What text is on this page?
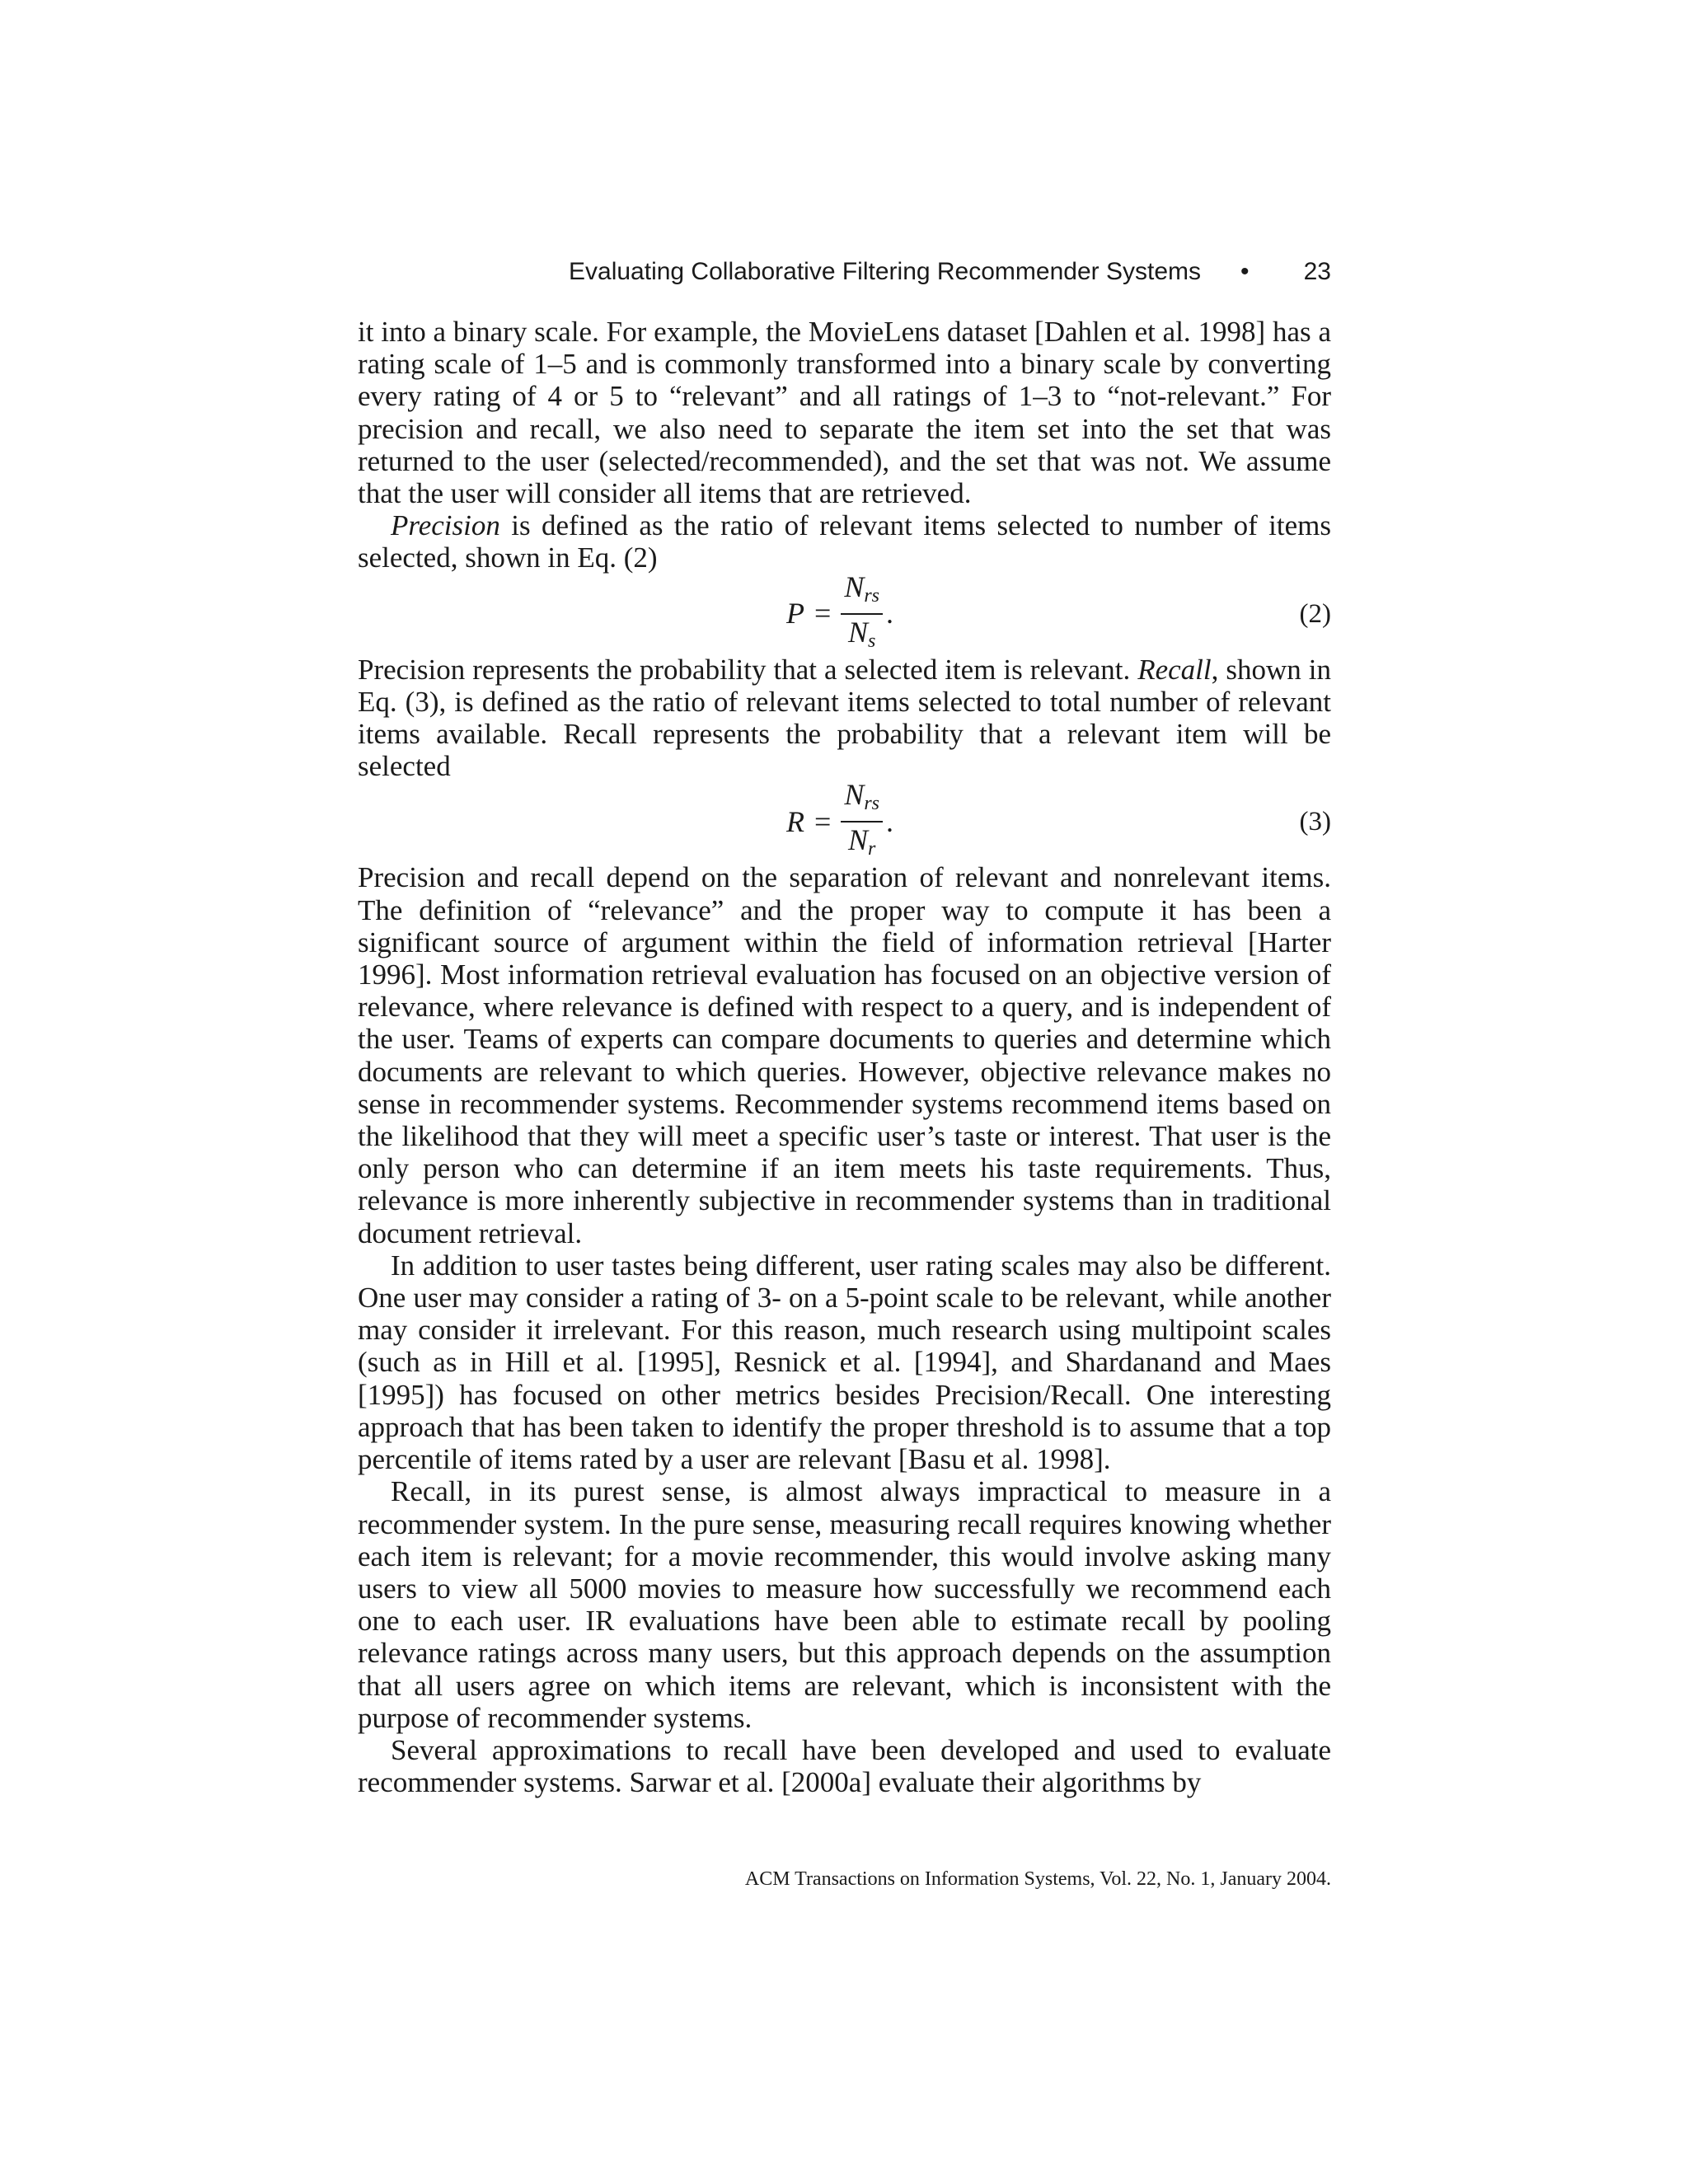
Evaluating Collaborative Filtering Recommender Systems • 23

it into a binary scale. For example, the MovieLens dataset [Dahlen et al. 1998] has a rating scale of 1–5 and is commonly transformed into a binary scale by converting every rating of 4 or 5 to “relevant” and all ratings of 1–3 to “not-relevant.” For precision and recall, we also need to separate the item set into the set that was returned to the user (selected/recommended), and the set that was not. We assume that the user will consider all items that are retrieved.

Precision is defined as the ratio of relevant items selected to number of items selected, shown in Eq. (2)

$P = \frac{N_{rs}}{N_s}$ .	(2)

Precision represents the probability that a selected item is relevant. Recall, shown in Eq. (3), is defined as the ratio of relevant items selected to total number of relevant items available. Recall represents the probability that a relevant item will be selected

$R = \frac{N_{rs}}{N_r}$ .	(3)

Precision and recall depend on the separation of relevant and nonrelevant items. The definition of “relevance” and the proper way to compute it has been a significant source of argument within the field of information retrieval [Harter 1996]. Most information retrieval evaluation has focused on an objective version of relevance, where relevance is defined with respect to a query, and is independent of the user. Teams of experts can compare documents to queries and determine which documents are relevant to which queries. However, objective relevance makes no sense in recommender systems. Recommender systems recommend items based on the likelihood that they will meet a specific user’s taste or interest. That user is the only person who can determine if an item meets his taste requirements. Thus, relevance is more inherently subjective in recommender systems than in traditional document retrieval.

In addition to user tastes being different, user rating scales may also be different. One user may consider a rating of 3- on a 5-point scale to be relevant, while another may consider it irrelevant. For this reason, much research using multipoint scales (such as in Hill et al. [1995], Resnick et al. [1994], and Shardanand and Maes [1995]) has focused on other metrics besides Precision/Recall. One interesting approach that has been taken to identify the proper threshold is to assume that a top percentile of items rated by a user are relevant [Basu et al. 1998].

Recall, in its purest sense, is almost always impractical to measure in a recommender system. In the pure sense, measuring recall requires knowing whether each item is relevant; for a movie recommender, this would involve asking many users to view all 5000 movies to measure how successfully we recommend each one to each user. IR evaluations have been able to estimate recall by pooling relevance ratings across many users, but this approach depends on the assumption that all users agree on which items are relevant, which is inconsistent with the purpose of recommender systems.

Several approximations to recall have been developed and used to evaluate recommender systems. Sarwar et al. [2000a] evaluate their algorithms by

ACM Transactions on Information Systems, Vol. 22, No. 1, January 2004.
